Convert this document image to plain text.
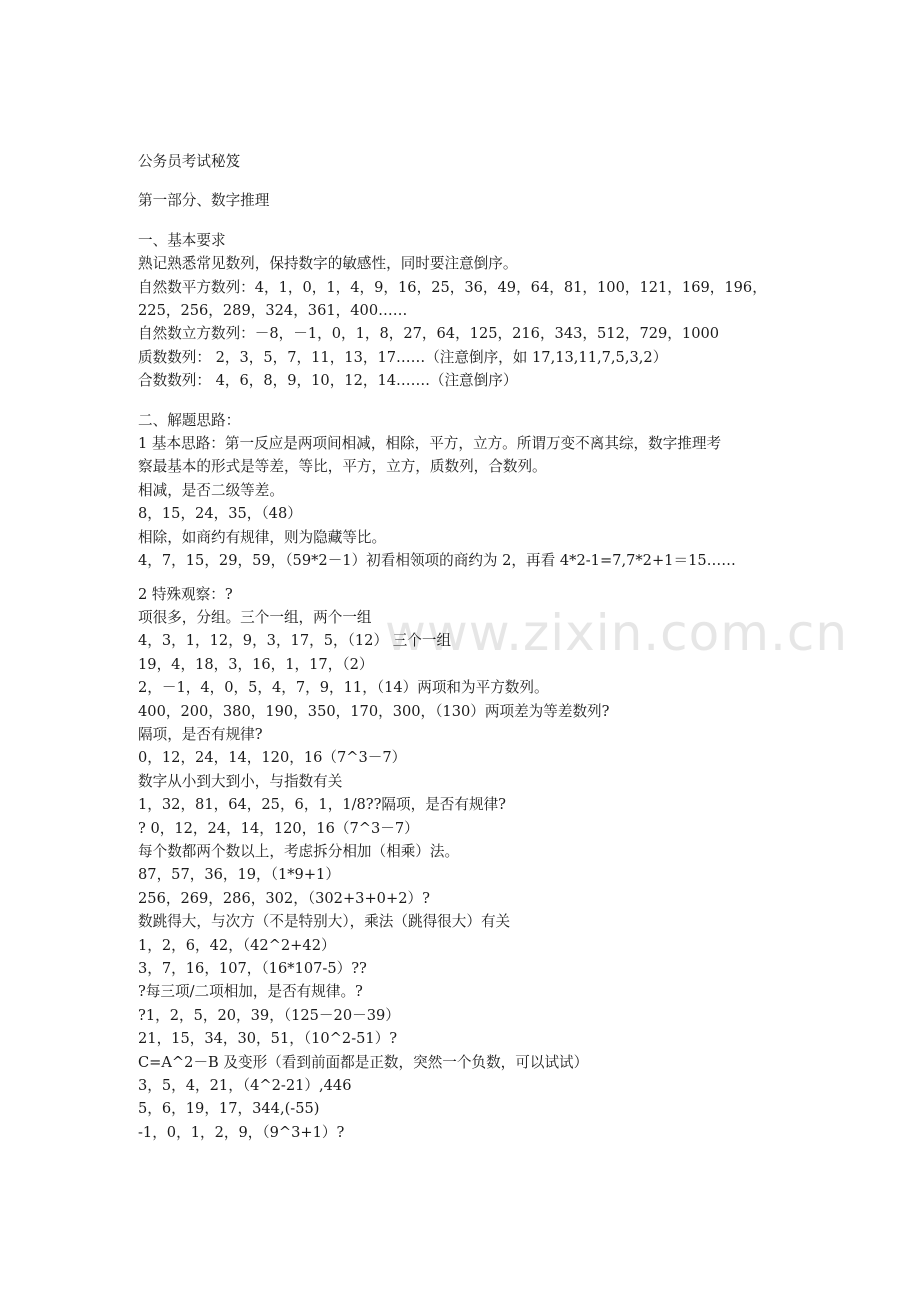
www.zixin.com.cn
公务员考试秘笈
第一部分、数字推理
一、基本要求
熟记熟悉常见数列，保持数字的敏感性，同时要注意倒序。
自然数平方数列：4，1，0，1，4，9，16，25，36，49，64，81，100，121，169，196，
225，256，289，324，361，400……
自然数立方数列：－8，－1，0，1，8，27，64，125，216，343，512，729，1000
质数数列： 2，3，5，7，11，13，17……（注意倒序，如 17,13,11,7,5,3,2）
合数数列： 4，6，8，9，10，12，14…….（注意倒序）
二、解题思路：
1 基本思路：第一反应是两项间相减，相除，平方，立方。所谓万变不离其综，数字推理考
察最基本的形式是等差，等比，平方，立方，质数列，合数列。
相减，是否二级等差。
8，15，24，35，（48）
相除，如商约有规律，则为隐藏等比。
4，7，15，29，59，（59*2－1）初看相领项的商约为 2，再看 4*2-1=7,7*2+1＝15……
2 特殊观察：?
项很多，分组。三个一组，两个一组
4，3，1，12，9，3，17，5，（12） 三个一组
19，4，18，3，16，1，17，（2）
2，－1，4，0，5，4，7，9，11，（14）两项和为平方数列。
400，200，380，190，350，170，300，（130）两项差为等差数列?
隔项，是否有规律?
0，12，24，14，120，16（7^3－7）
数字从小到大到小，与指数有关
1，32，81，64，25，6，1，1/8??隔项，是否有规律?
? 0，12，24，14，120，16（7^3－7）
每个数都两个数以上，考虑拆分相加（相乘）法。
87，57，36，19，（1*9+1）
256，269，286，302，（302+3+0+2）?
数跳得大，与次方（不是特别大），乘法（跳得很大）有关
1，2，6，42，（42^2+42）
3，7，16，107，（16*107-5）??
?每三项/二项相加，是否有规律。?
?1，2，5，20，39，（125－20－39）
21，15，34，30，51，（10^2-51）?
C=A^2－B 及变形（看到前面都是正数，突然一个负数，可以试试）
3，5，4，21，（4^2-21）,446
5，6，19，17，344,(-55)
-1，0，1，2，9，（9^3+1）?
